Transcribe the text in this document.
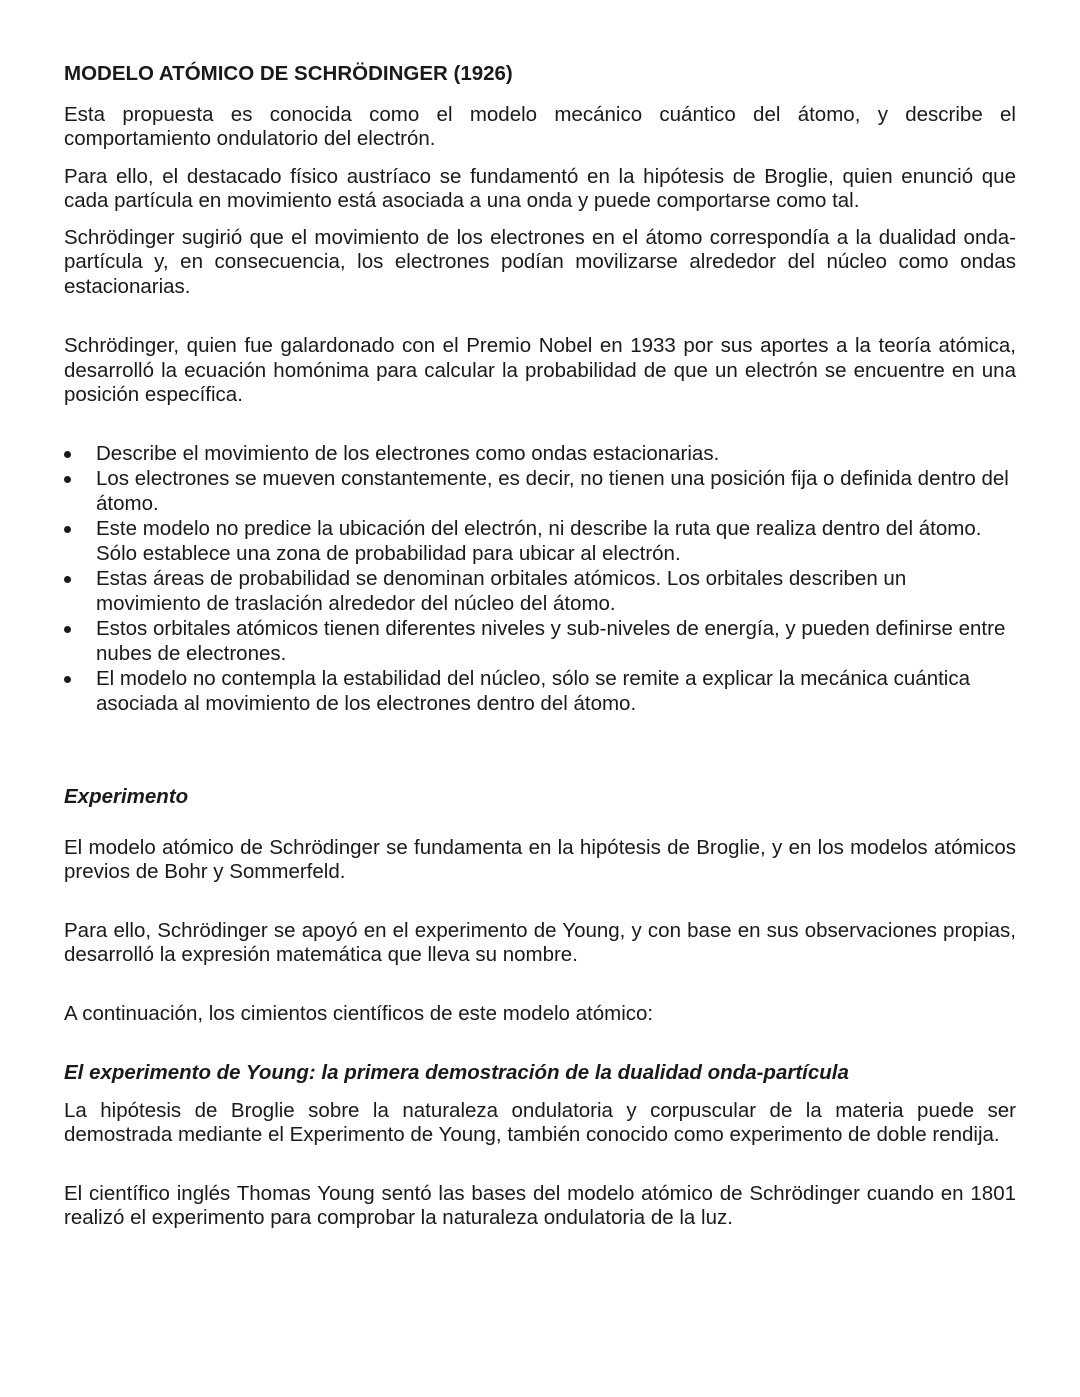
MODELO ATÓMICO DE SCHRÖDINGER (1926)

Esta propuesta es conocida como el modelo mecánico cuántico del átomo, y describe el comportamiento ondulatorio del electrón.

Para ello, el destacado físico austríaco se fundamentó en la hipótesis de Broglie, quien enunció que cada partícula en movimiento está asociada a una onda y puede comportarse como tal.

Schrödinger sugirió que el movimiento de los electrones en el átomo correspondía a la dualidad onda-partícula y, en consecuencia, los electrones podían movilizarse alrededor del núcleo como ondas estacionarias.

Schrödinger, quien fue galardonado con el Premio Nobel en 1933 por sus aportes a la teoría atómica, desarrolló la ecuación homónima para calcular la probabilidad de que un electrón se encuentre en una posición específica.

Describe el movimiento de los electrones como ondas estacionarias.
Los electrones se mueven constantemente, es decir, no tienen una posición fija o definida dentro del átomo.
Este modelo no predice la ubicación del electrón, ni describe la ruta que realiza dentro del átomo. Sólo establece una zona de probabilidad para ubicar al electrón.
Estas áreas de probabilidad se denominan orbitales atómicos. Los orbitales describen un movimiento de traslación alrededor del núcleo del átomo.
Estos orbitales atómicos tienen diferentes niveles y sub-niveles de energía, y pueden definirse entre nubes de electrones.
El modelo no contempla la estabilidad del núcleo, sólo se remite a explicar la mecánica cuántica asociada al movimiento de los electrones dentro del átomo.
Experimento

El modelo atómico de Schrödinger se fundamenta en la hipótesis de Broglie, y en los modelos atómicos previos de Bohr y Sommerfeld.

Para ello, Schrödinger se apoyó en el experimento de Young, y con base en sus observaciones propias, desarrolló la expresión matemática que lleva su nombre.

A continuación, los cimientos científicos de este modelo atómico:

El experimento de Young: la primera demostración de la dualidad onda-partícula

La hipótesis de Broglie sobre la naturaleza ondulatoria y corpuscular de la materia puede ser demostrada mediante el Experimento de Young, también conocido como experimento de doble rendija.

El científico inglés Thomas Young sentó las bases del modelo atómico de Schrödinger cuando en 1801 realizó el experimento para comprobar la naturaleza ondulatoria de la luz.
